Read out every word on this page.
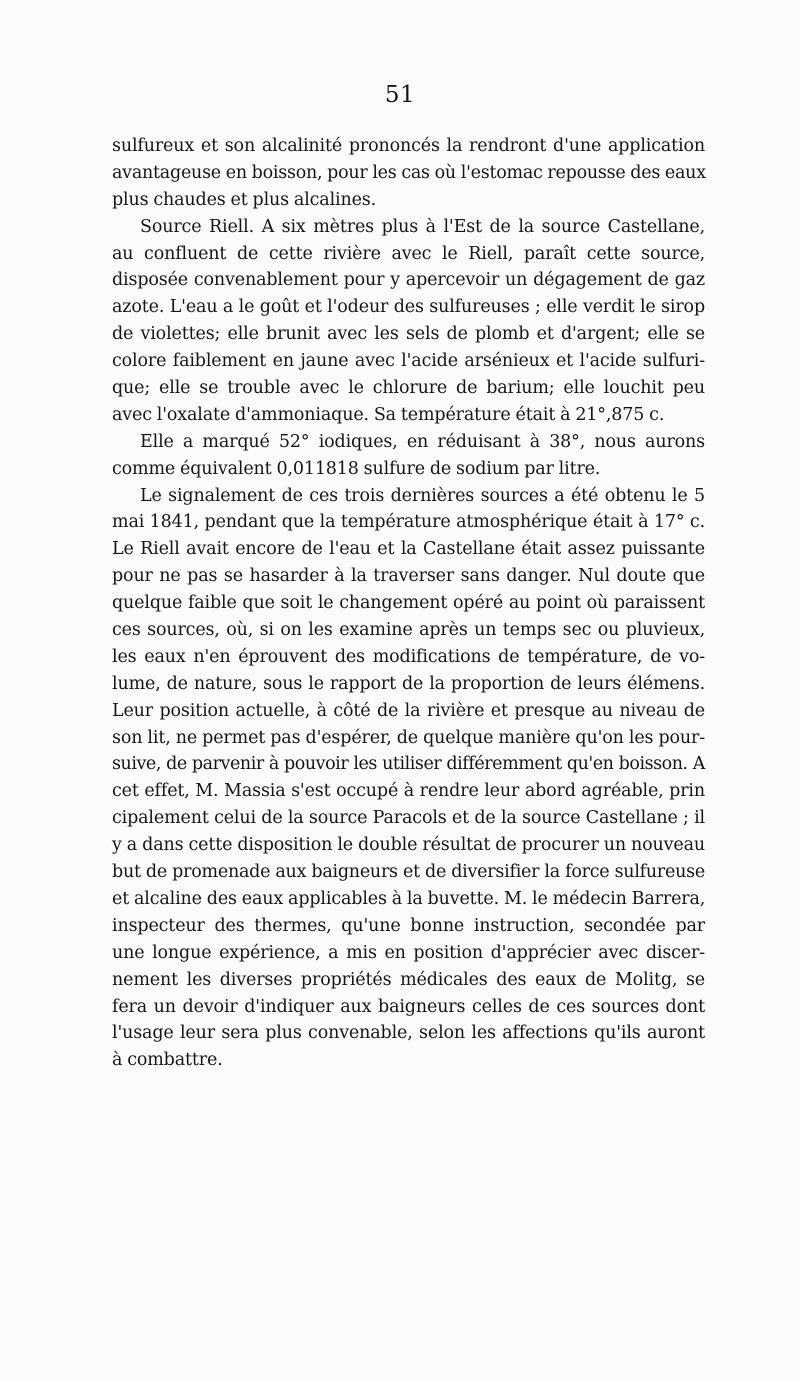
51
sulfureux et son alcalinité prononcés la rendront d'une application
avantageuse en boisson, pour les cas où l'estomac repousse des eaux
plus chaudes et plus alcalines.
Source Riell. A six mètres plus à l'Est de la source Castellane,
au confluent de cette rivière avec le Riell, paraît cette source,
disposée convenablement pour y apercevoir un dégagement de gaz
azote. L'eau a le goût et l'odeur des sulfureuses ; elle verdit le sirop
de violettes; elle brunit avec les sels de plomb et d'argent; elle se
colore faiblement en jaune avec l'acide arsénieux et l'acide sulfuri-
que; elle se trouble avec le chlorure de barium; elle louchit peu
avec l'oxalate d'ammoniaque. Sa température était à 21°,875 c.
Elle a marqué 52° iodiques, en réduisant à 38°, nous aurons
comme équivalent 0,011818 sulfure de sodium par litre.
Le signalement de ces trois dernières sources a été obtenu le 5
mai 1841, pendant que la température atmosphérique était à 17° c.
Le Riell avait encore de l'eau et la Castellane était assez puissante
pour ne pas se hasarder à la traverser sans danger. Nul doute que
quelque faible que soit le changement opéré au point où paraissent
ces sources, où, si on les examine après un temps sec ou pluvieux,
les eaux n'en éprouvent des modifications de température, de vo-
lume, de nature, sous le rapport de la proportion de leurs élémens.
Leur position actuelle, à côté de la rivière et presque au niveau de
son lit, ne permet pas d'espérer, de quelque manière qu'on les pour-
suive, de parvenir à pouvoir les utiliser différemment qu'en boisson. A
cet effet, M. Massia s'est occupé à rendre leur abord agréable, prin
cipalement celui de la source Paracols et de la source Castellane ; il
y a dans cette disposition le double résultat de procurer un nouveau
but de promenade aux baigneurs et de diversifier la force sulfureuse
et alcaline des eaux applicables à la buvette. M. le médecin Barrera,
inspecteur des thermes, qu'une bonne instruction, secondée par
une longue expérience, a mis en position d'apprécier avec discer-
nement les diverses propriétés médicales des eaux de Molitg, se
fera un devoir d'indiquer aux baigneurs celles de ces sources dont
l'usage leur sera plus convenable, selon les affections qu'ils auront
à combattre.
